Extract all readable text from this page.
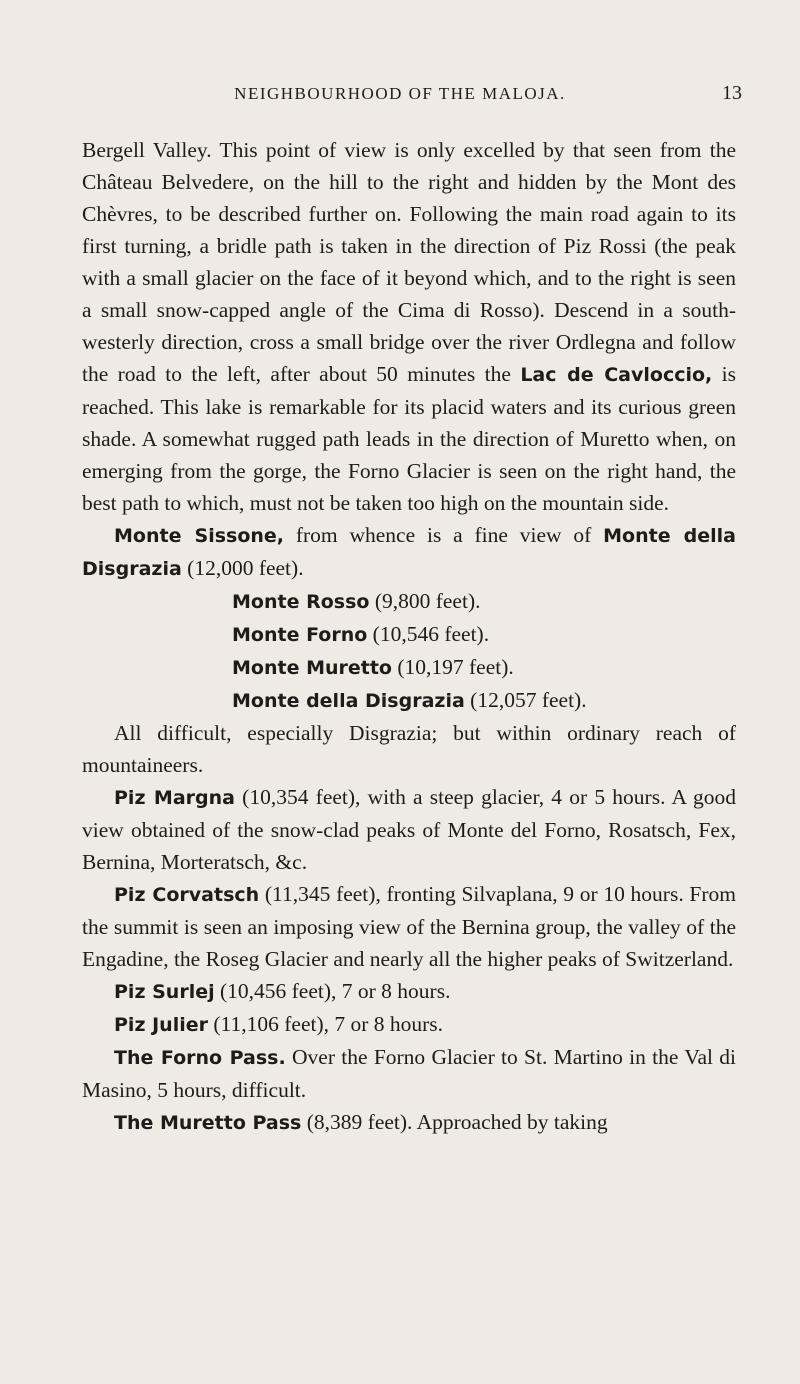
NEIGHBOURHOOD OF THE MALOJA.	13

Bergell Valley. This point of view is only excelled by that seen from the Château Belvedere, on the hill to the right and hidden by the Mont des Chèvres, to be described further on. Following the main road again to its first turning, a bridle path is taken in the direction of Piz Rossi (the peak with a small glacier on the face of it beyond which, and to the right is seen a small snow-capped angle of the Cima di Rosso). Descend in a south-westerly direction, cross a small bridge over the river Ordlegna and follow the road to the left, after about 50 minutes the Lac de Cavloccio, is reached. This lake is remarkable for its placid waters and its curious green shade. A somewhat rugged path leads in the direction of Muretto when, on emerging from the gorge, the Forno Glacier is seen on the right hand, the best path to which, must not be taken too high on the mountain side.

Monte Sissone, from whence is a fine view of Monte della Disgrazia (12,000 feet).

Monte Rosso (9,800 feet).

Monte Forno (10,546 feet).

Monte Muretto (10,197 feet).

Monte della Disgrazia (12,057 feet).

All difficult, especially Disgrazia; but within ordinary reach of mountaineers.

Piz Margna (10,354 feet), with a steep glacier, 4 or 5 hours. A good view obtained of the snow-clad peaks of Monte del Forno, Rosatsch, Fex, Bernina, Morteratsch, &c.

Piz Corvatsch (11,345 feet), fronting Silvaplana, 9 or 10 hours. From the summit is seen an imposing view of the Bernina group, the valley of the Engadine, the Roseg Glacier and nearly all the higher peaks of Switzerland.

Piz Surlej (10,456 feet), 7 or 8 hours.

Piz Julier (11,106 feet), 7 or 8 hours.

The Forno Pass. Over the Forno Glacier to St. Martino in the Val di Masino, 5 hours, difficult.

The Muretto Pass (8,389 feet). Approached by taking
